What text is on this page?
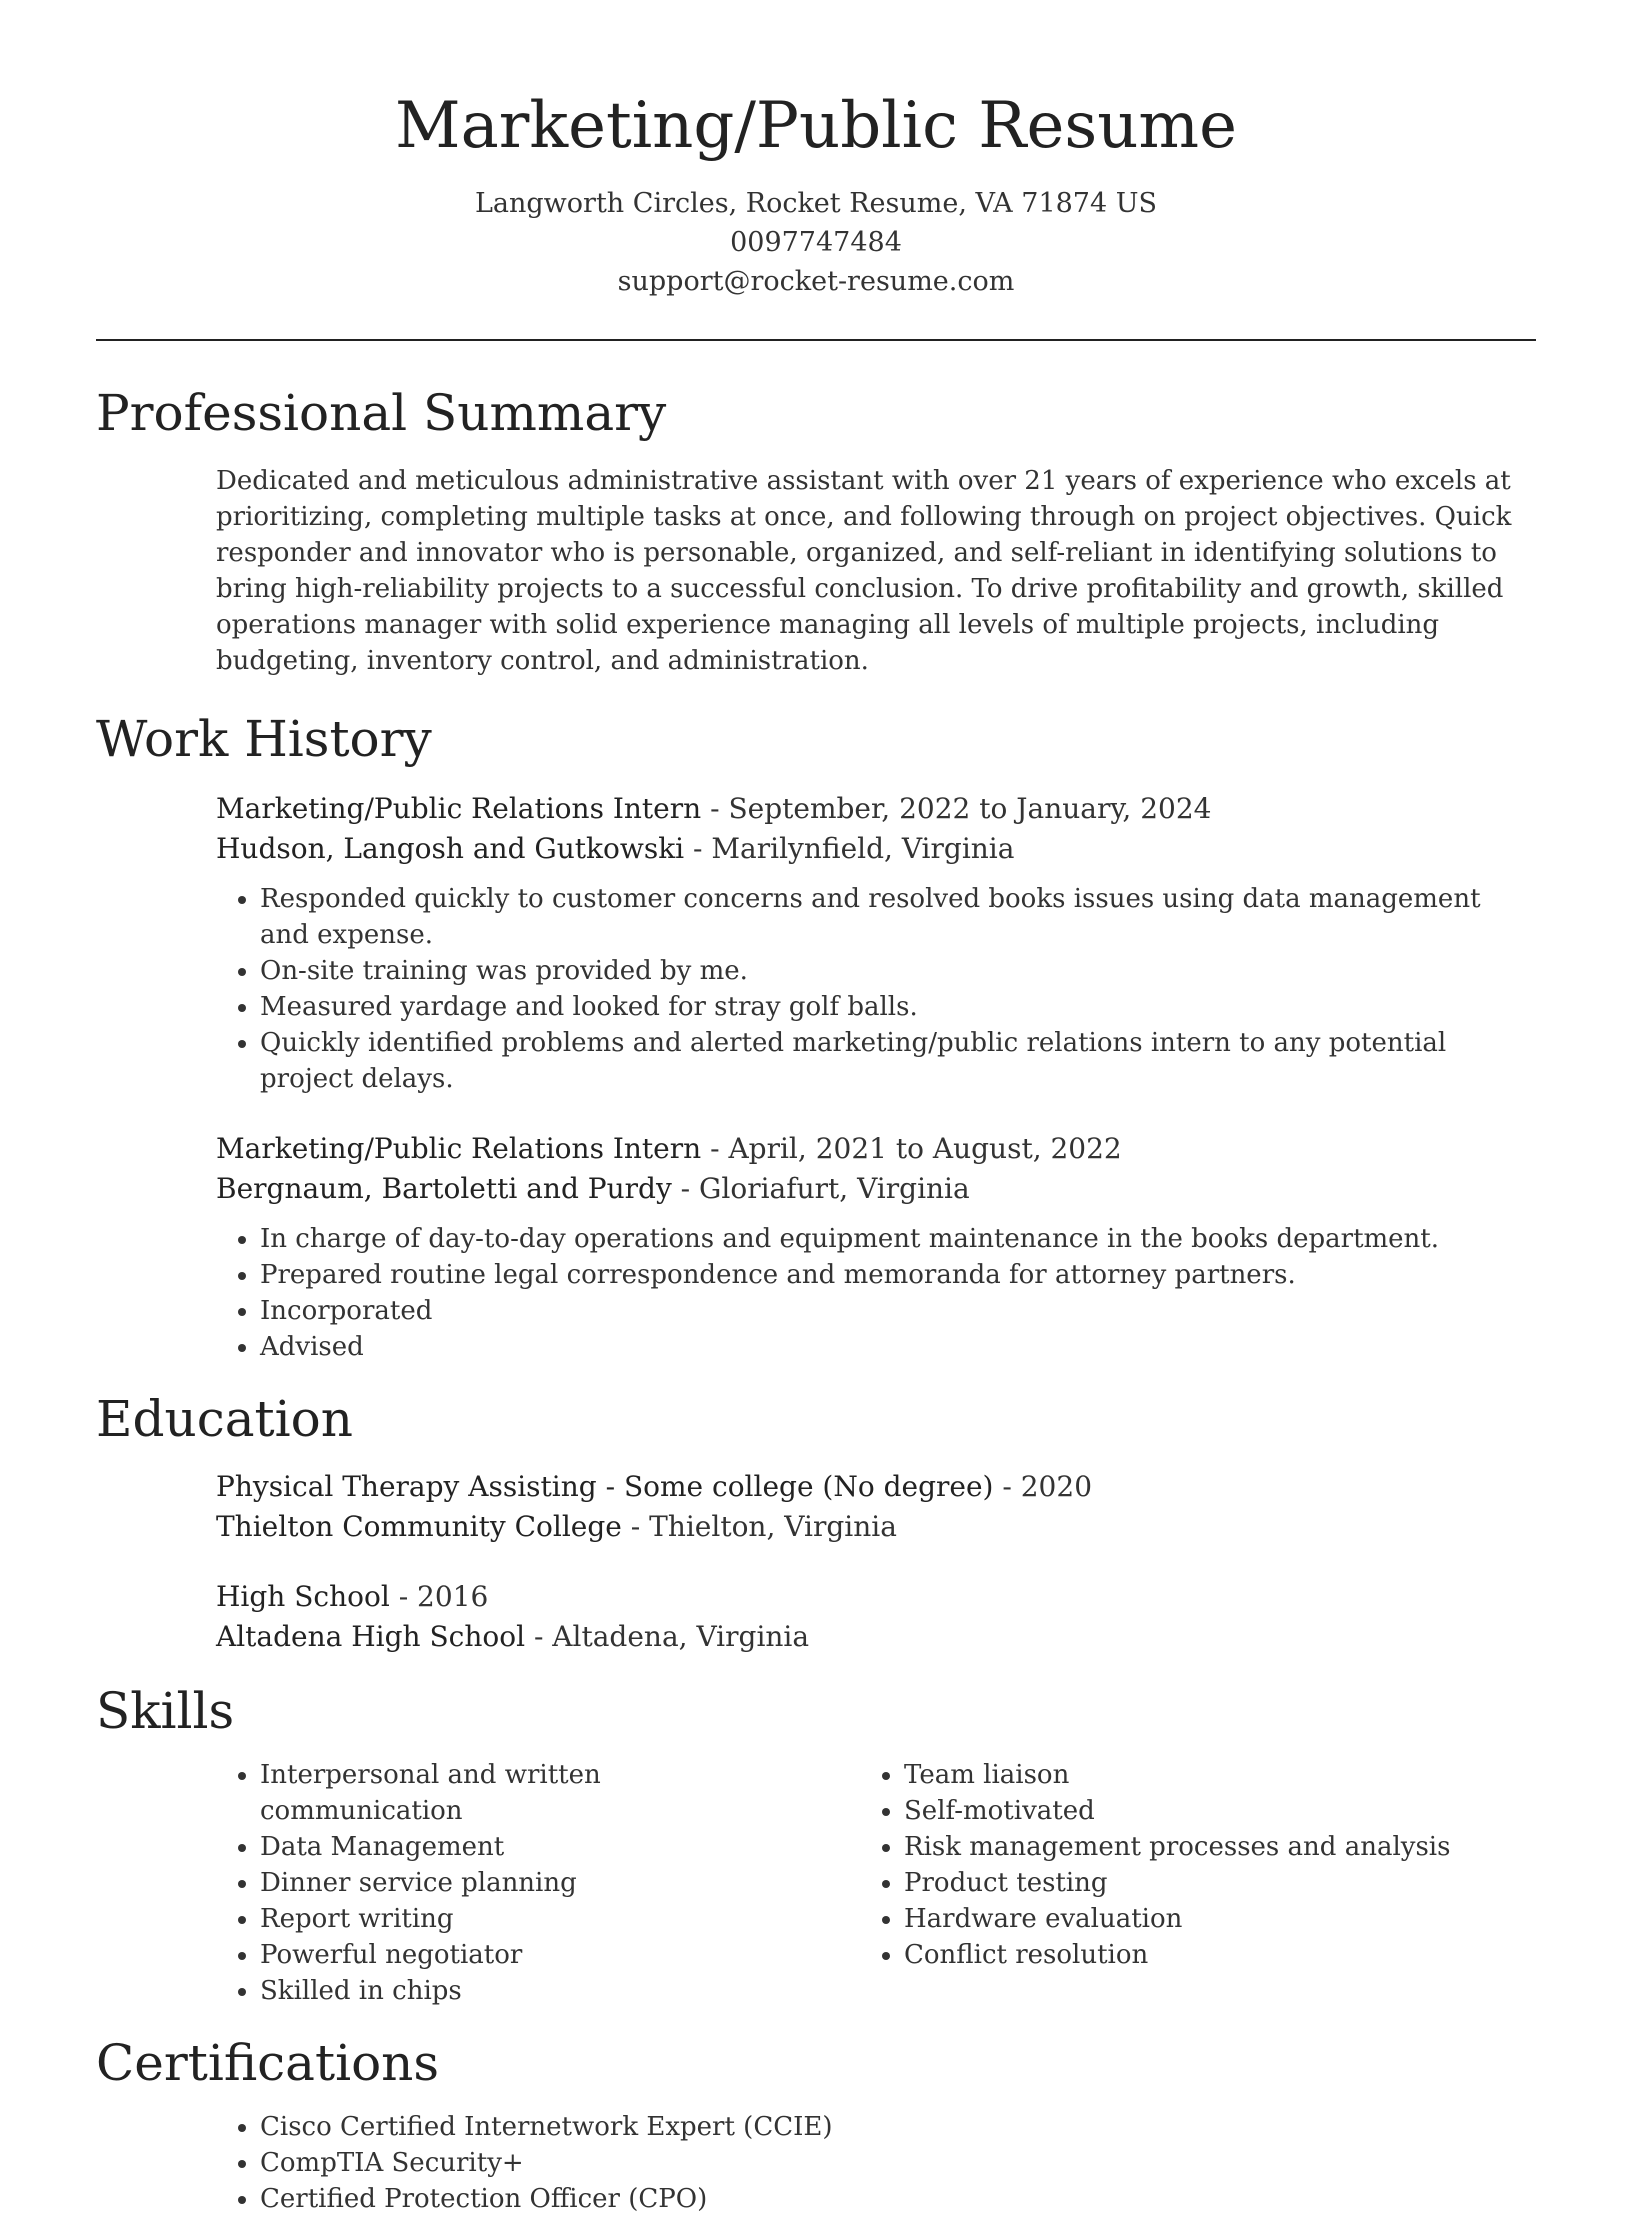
Marketing/Public Resume
Langworth Circles, Rocket Resume, VA 71874 US
0097747484
support@rocket-resume.com
Professional Summary
Dedicated and meticulous administrative assistant with over 21 years of experience who excels at prioritizing, completing multiple tasks at once, and following through on project objectives. Quick responder and innovator who is personable, organized, and self-reliant in identifying solutions to bring high-reliability projects to a successful conclusion. To drive profitability and growth, skilled operations manager with solid experience managing all levels of multiple projects, including budgeting, inventory control, and administration.
Work History
Marketing/Public Relations Intern - September, 2022 to January, 2024
Hudson, Langosh and Gutkowski - Marilynfield, Virginia
• Responded quickly to customer concerns and resolved books issues using data management and expense.
• On-site training was provided by me.
• Measured yardage and looked for stray golf balls.
• Quickly identified problems and alerted marketing/public relations intern to any potential project delays.
Marketing/Public Relations Intern - April, 2021 to August, 2022
Bergnaum, Bartoletti and Purdy - Gloriafurt, Virginia
• In charge of day-to-day operations and equipment maintenance in the books department.
• Prepared routine legal correspondence and memoranda for attorney partners.
• Incorporated
• Advised
Education
Physical Therapy Assisting - Some college (No degree) - 2020
Thielton Community College - Thielton, Virginia
High School - 2016
Altadena High School - Altadena, Virginia
Skills
• Interpersonal and written communication
• Data Management
• Dinner service planning
• Report writing
• Powerful negotiator
• Skilled in chips
• Team liaison
• Self-motivated
• Risk management processes and analysis
• Product testing
• Hardware evaluation
• Conflict resolution
Certifications
• Cisco Certified Internetwork Expert (CCIE)
• CompTIA Security+
• Certified Protection Officer (CPO)
